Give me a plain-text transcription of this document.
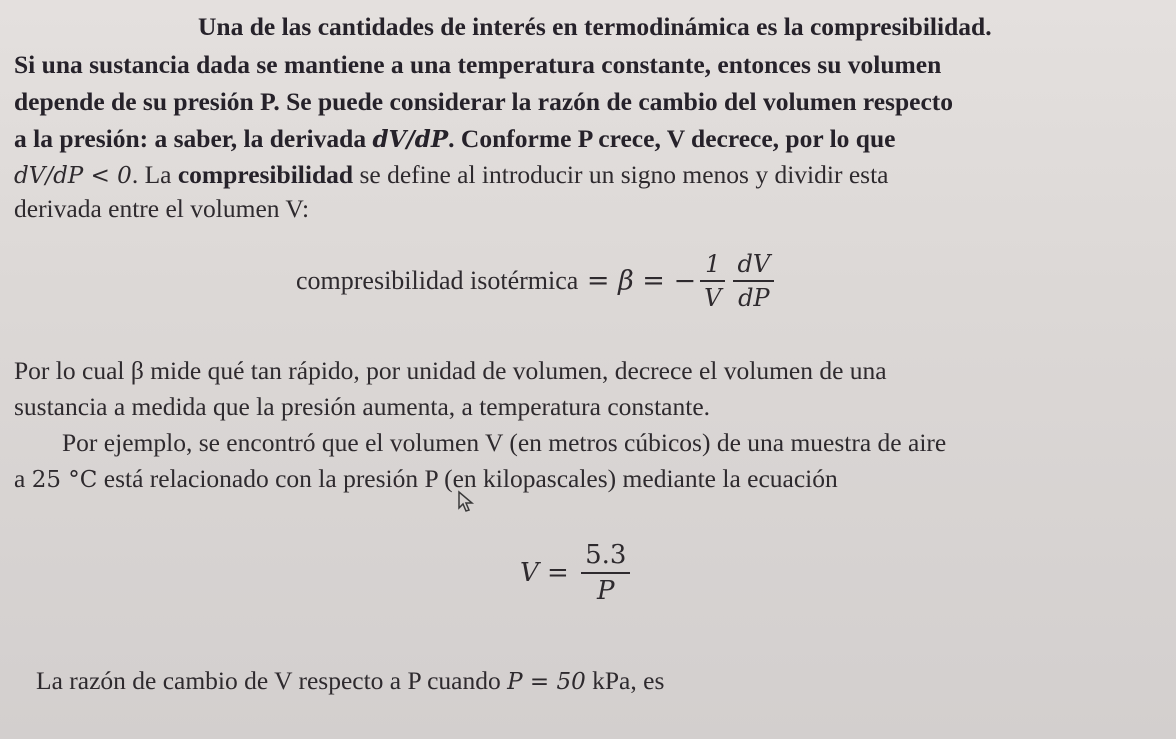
Una de las cantidades de interés en termodinámica es la compresibilidad.
Si una sustancia dada se mantiene a una temperatura constante, entonces su volumen
depende de su presión P. Se puede considerar la razón de cambio del volumen respecto
a la presión: a saber, la derivada dV/dP. Conforme P crece, V decrece, por lo que
dV/dP < 0. La compresibilidad se define al introducir un signo menos y dividir esta
derivada entre el volumen V:
compresibilidad isotérmica = β = − $\frac{1}{V} \frac{dV}{dP}$
Por lo cual β mide qué tan rápido, por unidad de volumen, decrece el volumen de una
sustancia a medida que la presión aumenta, a temperatura constante.
Por ejemplo, se encontró que el volumen V (en metros cúbicos) de una muestra de aire
a 25 °C está relacionado con la presión P (en kilopascales) mediante la ecuación
$V = \frac{5.3}{P}$
La razón de cambio de V respecto a P cuando P = 50 kPa, es
